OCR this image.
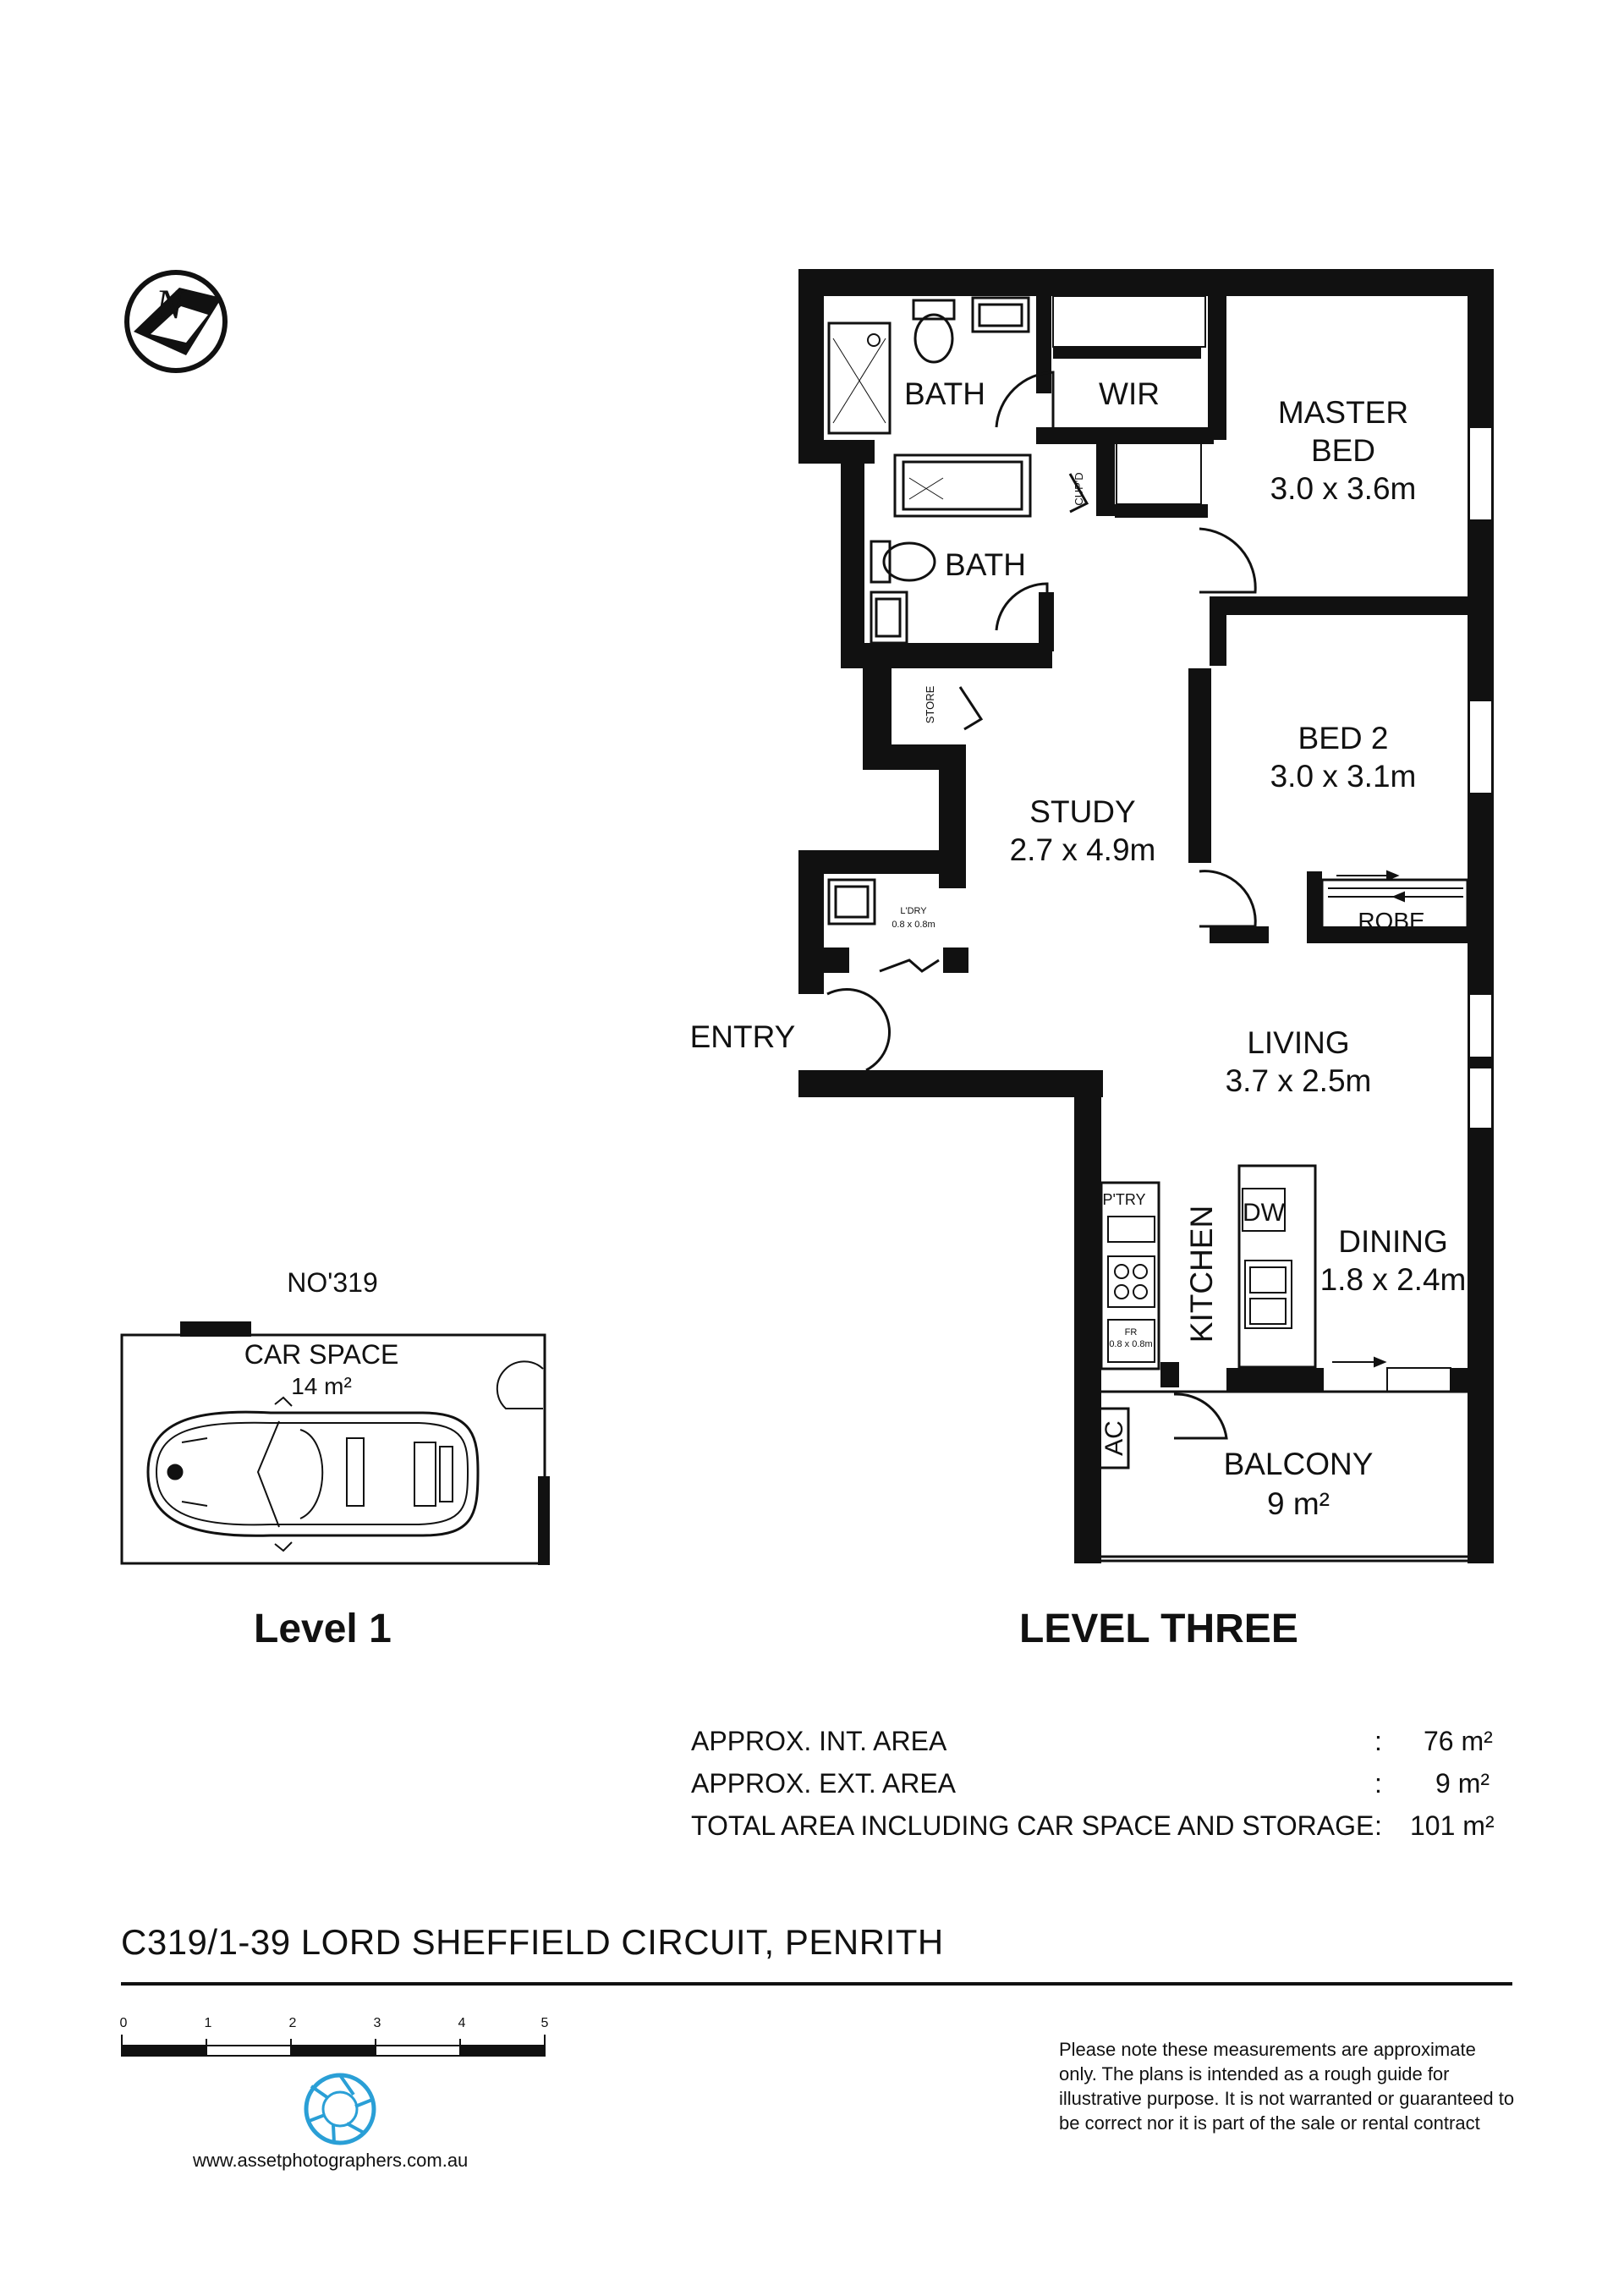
N
BATH	WIR
MASTER
BED
3.0 x 3.6m
CUP'D
BATH
STORE
BED 2
3.0 x 3.1m
STUDY
2.7 x 4.9m
ROBE
L'DRY
0.8 x 0.8m
ENTRY	LIVING
3.7 x 2.5m
P'TRY
KITCHEN DW
DINING
1.8 x 2.4m
FR
0.8 x 0.8m
AC
BALCONY
9 m²
NO'319
CAR SPACE
14 m²
0	1	2	3	4	5
Level 1	LEVEL THREE
APPROX. INT. AREA	: 76 m²
APPROX. EXT. AREA	: 9 m²
TOTAL AREA INCLUDING CAR SPACE AND STORAGE : 101 m²
C319/1-39 LORD SHEFFIELD CIRCUIT, PENRITH
www.assetphotographers.com.au
Please note these measurements are approximate only. The plans is intended as a rough guide for illustrative purpose. It is not warranted or guaranteed to be correct nor it is part of the sale or rental contract
